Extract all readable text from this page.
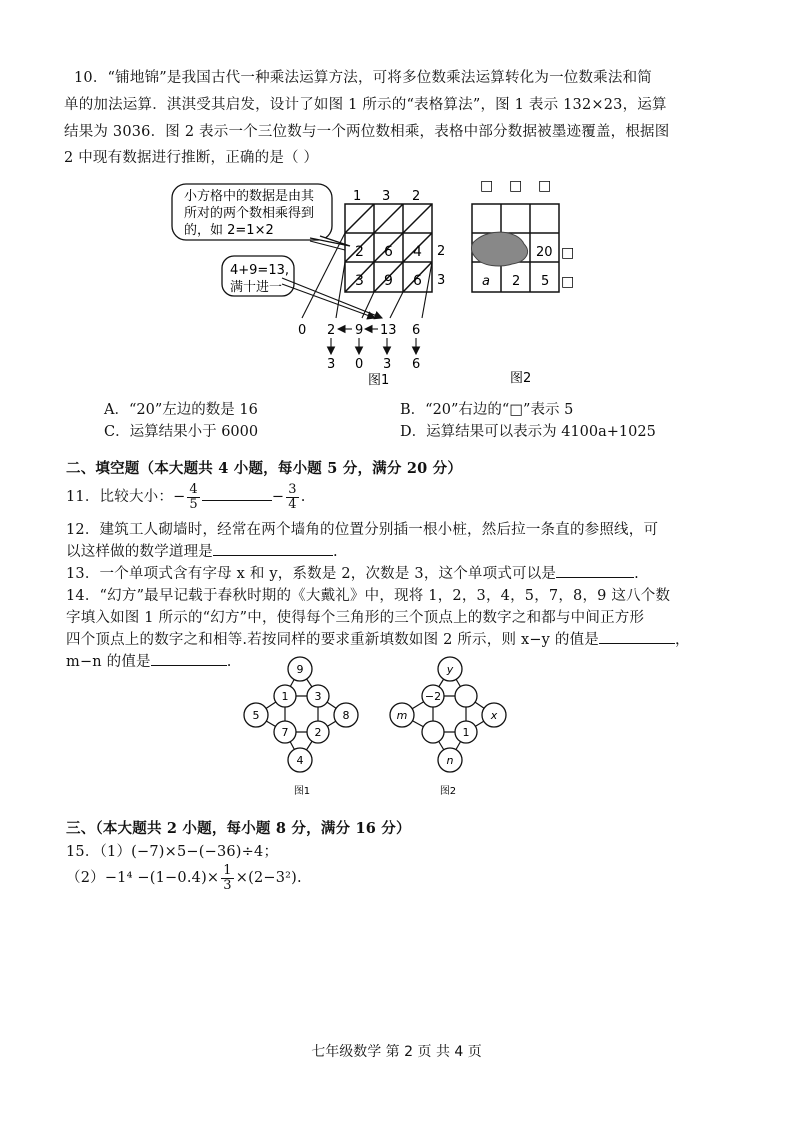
10．“铺地锦”是我国古代一种乘法运算方法，可将多位数乘法运算转化为一位数乘法和简
单的加法运算．淇淇受其启发，设计了如图 1 所示的“表格算法”，图 1 表示 132×23，运算
结果为 3036．图 2 表示一个三位数与一个两位数相乘，表格中部分数据被墨迹覆盖，根据图
2 中现有数据进行推断，正确的是（ ）
小方格中的数据是由其
所对的两个数相乘得到
的，如 2=1×2
4+9=13,
满十进一
1 3 2
2
3
2 6 4
3 9 6
0 2 9 13 6
3 0 3 6
图1
□ □ □
□
□
20
a 2 5
图2
A．“20”左边的数是 16	B．“20”右边的“□”表示 5
C．运算结果小于 6000	D．运算结果可以表示为 4100a+1025
二、填空题（本大题共 4 小题，每小题 5 分，满分 20 分）
11．比较大小：− $\frac{4}{5}$	− $\frac{3}{4}$ .
12．建筑工人砌墙时，经常在两个墙角的位置分别插一根小桩，然后拉一条直的参照线，可
以这样做的数学道理是	.
13．一个单项式含有字母 x 和 y，系数是 2，次数是 3，这个单项式可以是	.
14．“幻方”最早记载于春秋时期的《大戴礼》中，现将 1，2，3，4，5，7，8，9 这八个数
字填入如图 1 所示的“幻方”中，使得每个三角形的三个顶点上的数字之和都与中间正方形
四个顶点上的数字之和相等.若按同样的要求重新填数如图 2 所示，则 x−y 的值是	，
m−n 的值是	.	9
5	8
4
1 3
7 2
y
m	x
n
−2
1
图1	图2
三、（本大题共 2 小题，每小题 8 分，满分 16 分）
15．（1）(−7)×5−(−36)÷4；
$(2)-1^4 -(1-0.4)\times \frac{1}{3} \times(2-3^2)$.
七年级数学 第 2 页 共 4 页
